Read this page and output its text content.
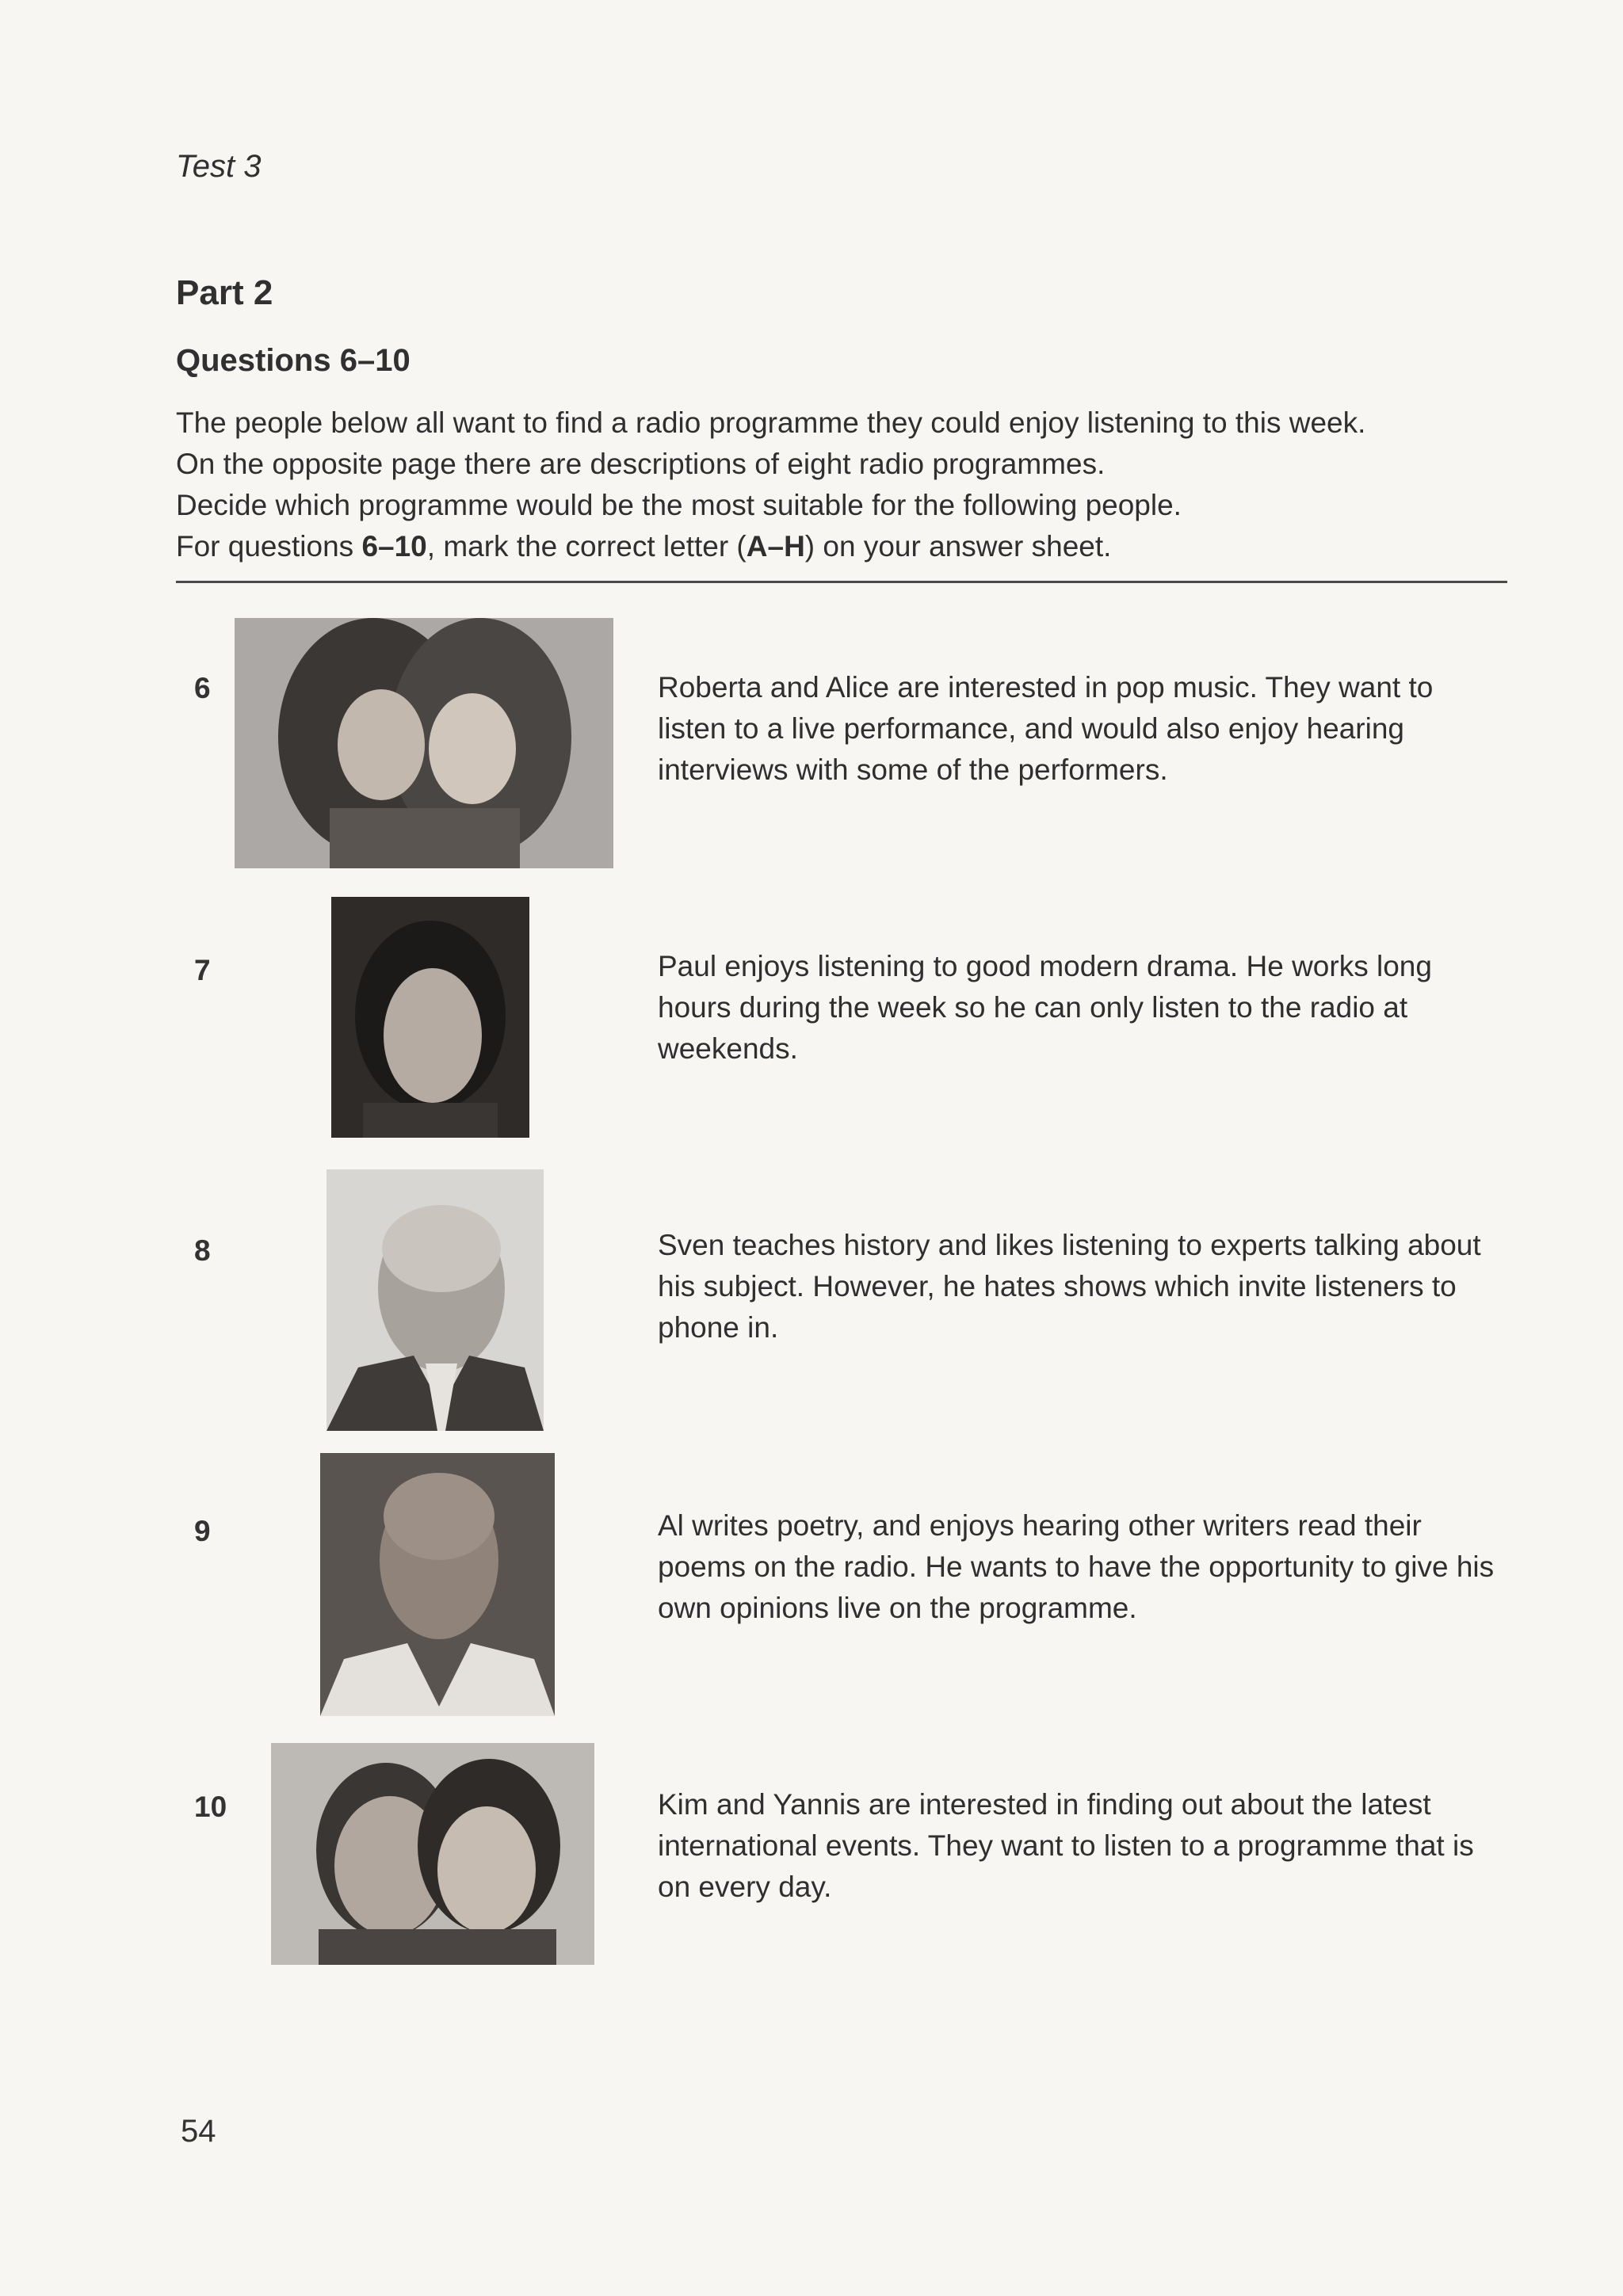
Test 3
Part 2
Questions 6–10
The people below all want to find a radio programme they could enjoy listening to this week.
On the opposite page there are descriptions of eight radio programmes.
Decide which programme would be the most suitable for the following people.
For questions 6–10, mark the correct letter (A–H) on your answer sheet.
6	Roberta and Alice are interested in pop music. They want to listen to a live performance, and would also enjoy hearing interviews with some of the performers.
7	Paul enjoys listening to good modern drama. He works long hours during the week so he can only listen to the radio at weekends.
8	Sven teaches history and likes listening to experts talking about his subject. However, he hates shows which invite listeners to phone in.
9	Al writes poetry, and enjoys hearing other writers read their poems on the radio. He wants to have the opportunity to give his own opinions live on the programme.
10	Kim and Yannis are interested in finding out about the latest international events. They want to listen to a programme that is on every day.
54
